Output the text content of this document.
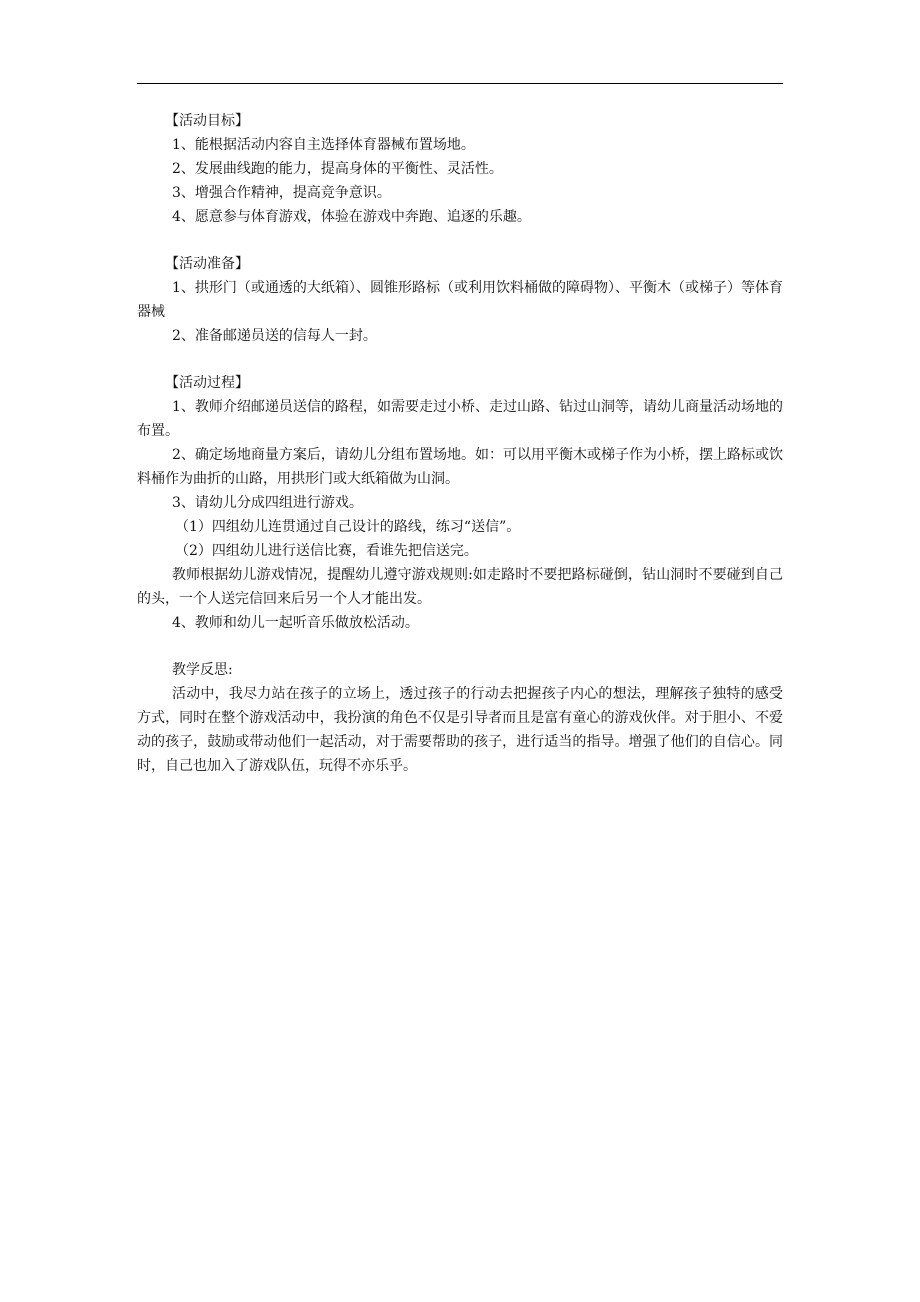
【活动目标】

1、能根据活动内容自主选择体育器械布置场地。

2、发展曲线跑的能力，提高身体的平衡性、灵活性。

3、增强合作精神，提高竞争意识。

4、愿意参与体育游戏，体验在游戏中奔跑、追逐的乐趣。

【活动准备】

1、拱形门（或通透的大纸箱）、圆锥形路标（或利用饮料桶做的障碍物）、平衡木（或梯子）等体育器械

2、准备邮递员送的信每人一封。

【活动过程】

1、教师介绍邮递员送信的路程，如需要走过小桥、走过山路、钻过山洞等，请幼儿商量活动场地的布置。

2、确定场地商量方案后，请幼儿分组布置场地。如：可以用平衡木或梯子作为小桥，摆上路标或饮料桶作为曲折的山路，用拱形门或大纸箱做为山洞。

3、请幼儿分成四组进行游戏。

（1）四组幼儿连贯通过自己设计的路线，练习“送信”。

（2）四组幼儿进行送信比赛，看谁先把信送完。

教师根据幼儿游戏情况，提醒幼儿遵守游戏规则:如走路时不要把路标碰倒，钻山洞时不要碰到自己的头，一个人送完信回来后另一个人才能出发。

4、教师和幼儿一起听音乐做放松活动。

教学反思:

活动中，我尽力站在孩子的立场上，透过孩子的行动去把握孩子内心的想法，理解孩子独特的感受方式，同时在整个游戏活动中，我扮演的角色不仅是引导者而且是富有童心的游戏伙伴。对于胆小、不爱动的孩子，鼓励或带动他们一起活动，对于需要帮助的孩子，进行适当的指导。增强了他们的自信心。同时，自己也加入了游戏队伍，玩得不亦乐乎。
